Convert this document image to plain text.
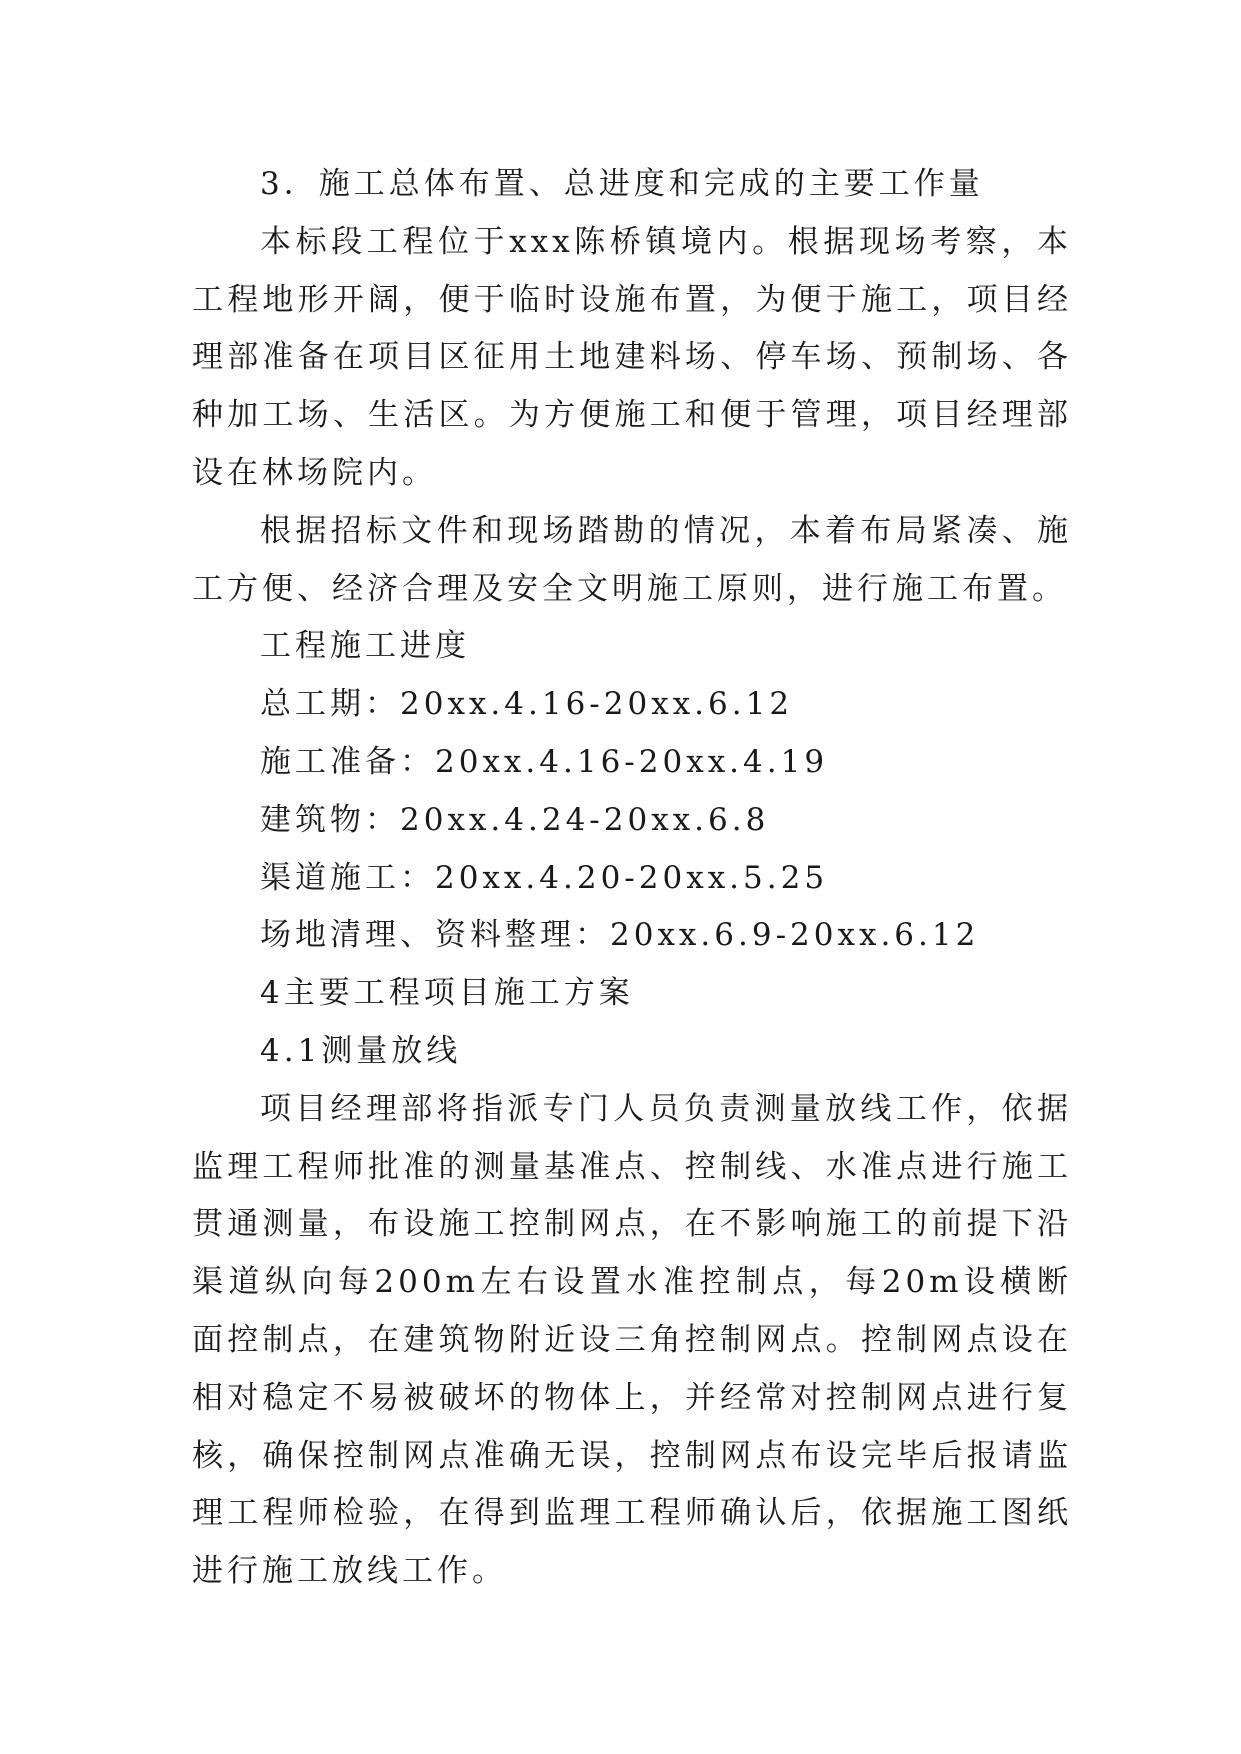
3．施工总体布置、总进度和完成的主要工作量

本标段工程位于xxx陈桥镇境内。根据现场考察，本工程地形开阔，便于临时设施布置，为便于施工，项目经理部准备在项目区征用土地建料场、停车场、预制场、各种加工场、生活区。为方便施工和便于管理，项目经理部设在林场院内。

根据招标文件和现场踏勘的情况，本着布局紧凑、施工方便、经济合理及安全文明施工原则，进行施工布置。

工程施工进度

总工期：20xx.4.16-20xx.6.12

施工准备：20xx.4.16-20xx.4.19

建筑物：20xx.4.24-20xx.6.8

渠道施工：20xx.4.20-20xx.5.25

场地清理、资料整理：20xx.6.9-20xx.6.12

4主要工程项目施工方案

4.1测量放线

项目经理部将指派专门人员负责测量放线工作，依据监理工程师批准的测量基准点、控制线、水准点进行施工贯通测量，布设施工控制网点，在不影响施工的前提下沿渠道纵向每200m左右设置水准控制点，每20m设横断面控制点，在建筑物附近设三角控制网点。控制网点设在相对稳定不易被破坏的物体上，并经常对控制网点进行复核，确保控制网点准确无误，控制网点布设完毕后报请监理工程师检验，在得到监理工程师确认后，依据施工图纸进行施工放线工作。
